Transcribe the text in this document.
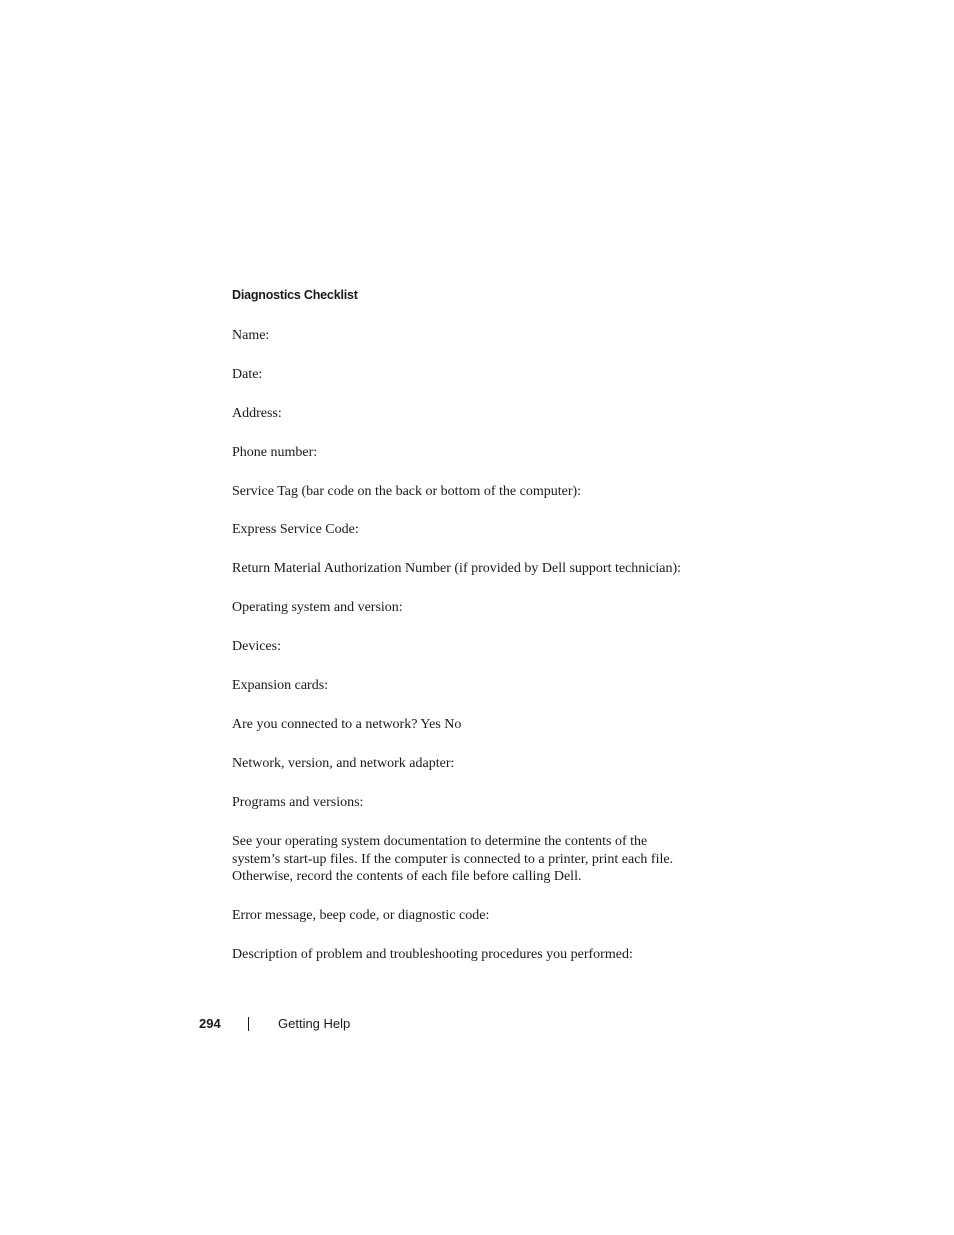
Diagnostics Checklist

Name:

Date:

Address:

Phone number:

Service Tag (bar code on the back or bottom of the computer):

Express Service Code:

Return Material Authorization Number (if provided by Dell support technician):

Operating system and version:

Devices:

Expansion cards:

Are you connected to a network? Yes No

Network, version, and network adapter:

Programs and versions:

See your operating system documentation to determine the contents of the
system’s start-up files. If the computer is connected to a printer, print each file.
Otherwise, record the contents of each file before calling Dell.

Error message, beep code, or diagnostic code:

Description of problem and troubleshooting procedures you performed:

294	Getting Help
